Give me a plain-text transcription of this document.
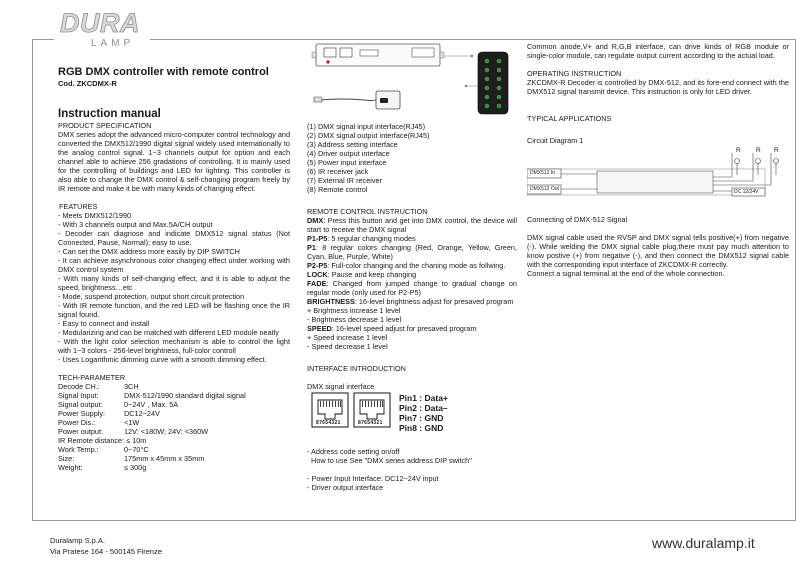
DURA
LAMP
RGB DMX controller with remote control
Cod. ZKCDMX-R
Instruction manual
PRODUCT SPECIFICATION
DMX series adopt the advanced micro-computer control technology and converted the DMX512/1990 digital signal widely used internationally to the analog control signal. 1~3 channels output for option and each channel able to achieve 256 gradations of controlling. It is mainly used for the controlling of buildings and LED for lighting. This controller is also able to change the DMX control & self-changing program freely by IR remote and make it be with many kinds of changing effect.
FEATURES
- Meets DMX512/1990
- With 3 channels output and Max.5A/CH output
- Decoder can diagnose and indicate DMX512 signal status (Not Connected, Pause, Normal); easy to use.
- Can set the DMX address more easily by DIP SWITCH
- It can achieve asynchronous color changing effect under working with DMX control system
- With many kinds of self-changing effect, and it is able to adjust the speed, brightness…etc
- Mode, suspend protection, output short circuit protection
- With IR remote function, and the red LED will be flashing once the IR signal found.
- Easy to connect and install
- Modularizing and can be matched with different LED module neatly
- With the light color selection mechanism is able to control the light with 1~3 colors - 256-level brightness, full-color controll
- Uses Logarithmic dimming curve with a smooth dimming effect.
TECH-PARAMETER
Decode CH.:	3CH
Signal Input:	DMX-512/1990 standard digital signal
Signal output:	0~24V , Max. 5A
Power Supply:	DC12~24V
Power Dis.:	<1W
Power output:	12V: <180W; 24V: <360W
IR Remote distance: ≤ 10m	
Work Temp.:	0~70°C
Size:	175mm x 45mm x 35mm
Weight:	≤ 300g
(1) DMX signal input interface(RJ45)
(2) DMX signal output interface(RJ45)
(3) Address setting interface
(4) Driver output interface
(5) Power input interface
(6) IR receiver jack
(7) External IR receiver
(8) Remote control
REMOTE CONTROL INSTRUCTION
DMX: Press this button and get into DMX control, the device will start to receive the DMX signal
P1-P5: 5 regular changing modes
P1: 8 regular colors changing (Red, Orange, Yellow, Green, Cyan, Blue, Purple, White)
P2-P5: Full-color changing and the chaning mode as follwing.
LOCK: Pause and keep changing
FADE: Changed from jumped change to gradual change on regular mode (only used for P2-P5)
BRIGHTNESS: 16-level brightness adjust for presaved program
+ Brightness increase 1 level
- Brightness decrease 1 level
SPEED: 16-level speed adjust for presaved program
+ Speed increase 1 level
- Speed decrease 1 level
INTERFACE INTRODUCTION
DMX signal interface
87654321	87654321
Pin1 : Data+
Pin2 : Data–
Pin7 : GND
Pin8 : GND
- Address code setting on/off
How to use See "DMX series address DIP switch"
- Power Input Interface: DC12~24V input
- Driver output interface
Common anode,V+ and R,G,B interface, can drive kinds of RGB module or single-color module, can regulate output current according to the actual load.
OPERATING INSTRUCTION
ZKCDMX-R Decoder is controlled by DMX-512, and its fore-end connect with the DMX512 signal transmit device. This instruction is only for LED driver.
TYPICAL APPLICATIONS
Circuit Diagram 1
DMX512 In
DMX512 Out	DC 12/24V
R R R
Connecting of DMX-512 Signal
DMX signal cable used the RVSP and DMX signal tells positive(+) from negative (-). While welding the DMX signal cable plug,there must pay much attention to know postive (+) from negative (-), and then connect the DMX512 signal cable with the corresponding input interface of ZKCDMX-R correctly.
Connect a signal terminal at the end of the whole connection.
Duralamp S.p.A.
Via Pratese 164 - 500145 Firenze
www.duralamp.it
